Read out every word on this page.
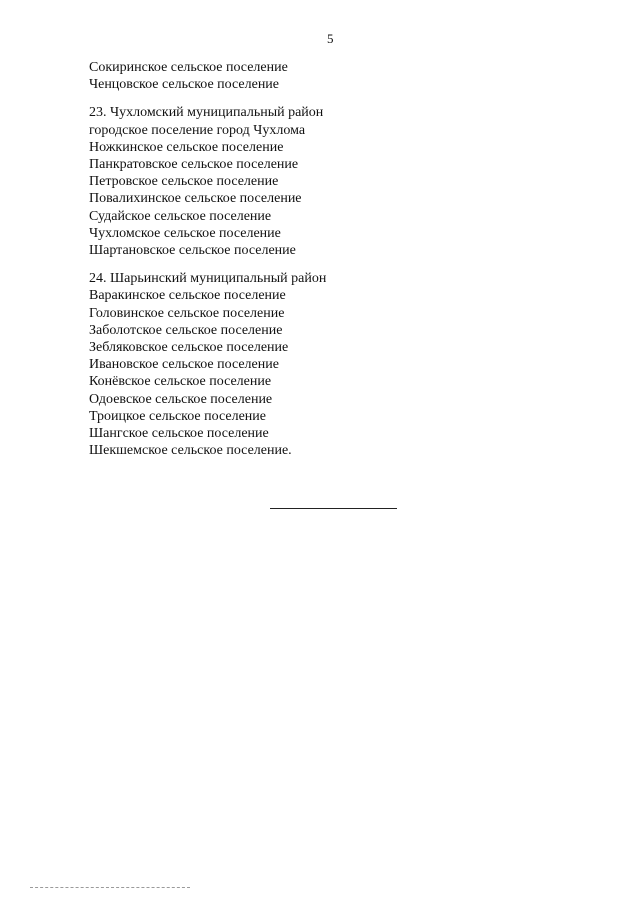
5
Сокиринское сельское поселение
Ченцовское сельское поселение
23. Чухломский муниципальный район
городское поселение город Чухлома
Ножкинское сельское поселение
Панкратовское сельское поселение
Петровское сельское поселение
Повалихинское сельское поселение
Судайское сельское поселение
Чухломское сельское поселение
Шартановское сельское поселение
24. Шарьинский муниципальный район
Варакинское сельское поселение
Головинское сельское поселение
Заболотское сельское поселение
Зебляковское сельское поселение
Ивановское сельское поселение
Конёвское сельское поселение
Одоевское сельское поселение
Троицкое сельское поселение
Шангское сельское поселение
Шекшемское сельское поселение.
